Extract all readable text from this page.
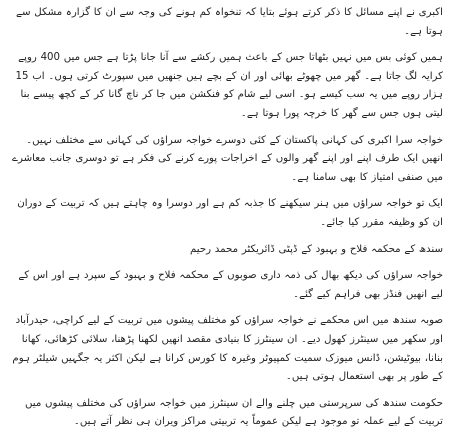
اکبری نے اپنے مسائل کا ذکر کرتے ہوئے بتایا کہ تنخواہ کم ہونے کی وجہ سے ان کا گزارہ مشکل سے ہوتا ہے۔

ہمیں کوئی بس میں نہیں بٹھاتا جس کے باعث ہمیں رکشے سے آنا جانا پڑتا ہے جس میں 400 روپے کرایہ لگ جاتا ہے۔ گھر میں چھوٹے بھائی اور ان کے بچے ہیں جنھیں میں سپورٹ کرتی ہوں۔ اب 15 ہزار روپے میں یہ سب کیسے ہو۔ اسی لیے شام کو فنکشن میں جا کر ناچ گانا کر کے کچھ پیسے بنا لیتی ہوں جس سے گھر کا خرچہ پورا ہوتا ہے۔

خواجہ سرا اکبری کی کہانی پاکستان کے کئی دوسرے خواجہ سراؤں کی کہانی سے مختلف نہیں۔ انھیں ایک طرف اپنے اور اپنے گھر والوں کے اخراجات پورے کرنے کی فکر ہے تو دوسری جانب معاشرے میں صنفی امتیاز کا بھی سامنا ہے۔

ایک تو خواجہ سراؤں میں ہنر سیکھنے کا جذبہ کم ہے اور دوسرا وہ چاہتے ہیں کہ تربیت کے دوران ان کو وظیفہ مقرر کیا جائے۔

سندھ کے محکمہ فلاح و بہبود کے ڈپٹی ڈائریکٹر محمد رحیم

خواجہ سراؤں کی دیکھ بھال کی ذمہ داری صوبوں کے محکمہ فلاح و بہبود کے سپرد ہے اور اس کے لیے انھیں فنڈز بھی فراہم کیے گئے۔

صوبہ سندھ میں اس محکمے نے خواجہ سراؤں کو مختلف پیشوں میں تربیت کے لیے کراچی، حیدرآباد اور سکھر میں سینٹرز کھول دیے۔ ان سینٹرز کا بنیادی مقصد انھیں لکھنا پڑھنا، سلائی کڑھائی، کھانا بنانا، بیوٹیشن، ڈانس میوزک سمیت کمپیوٹر وغیرہ کا کورس کرانا ہے لیکن اکثر یہ جگہیں شیلٹر ہوم کے طور پر بھی استعمال ہوتی ہیں۔

حکومت سندھ کی سرپرستی میں چلنے والے ان سینٹرز میں خواجہ سراؤں کی مختلف پیشوں میں تربیت کے لیے عملہ تو موجود ہے لیکن عموماً یہ تربیتی مراکز ویران ہی نظر آتے ہیں۔
